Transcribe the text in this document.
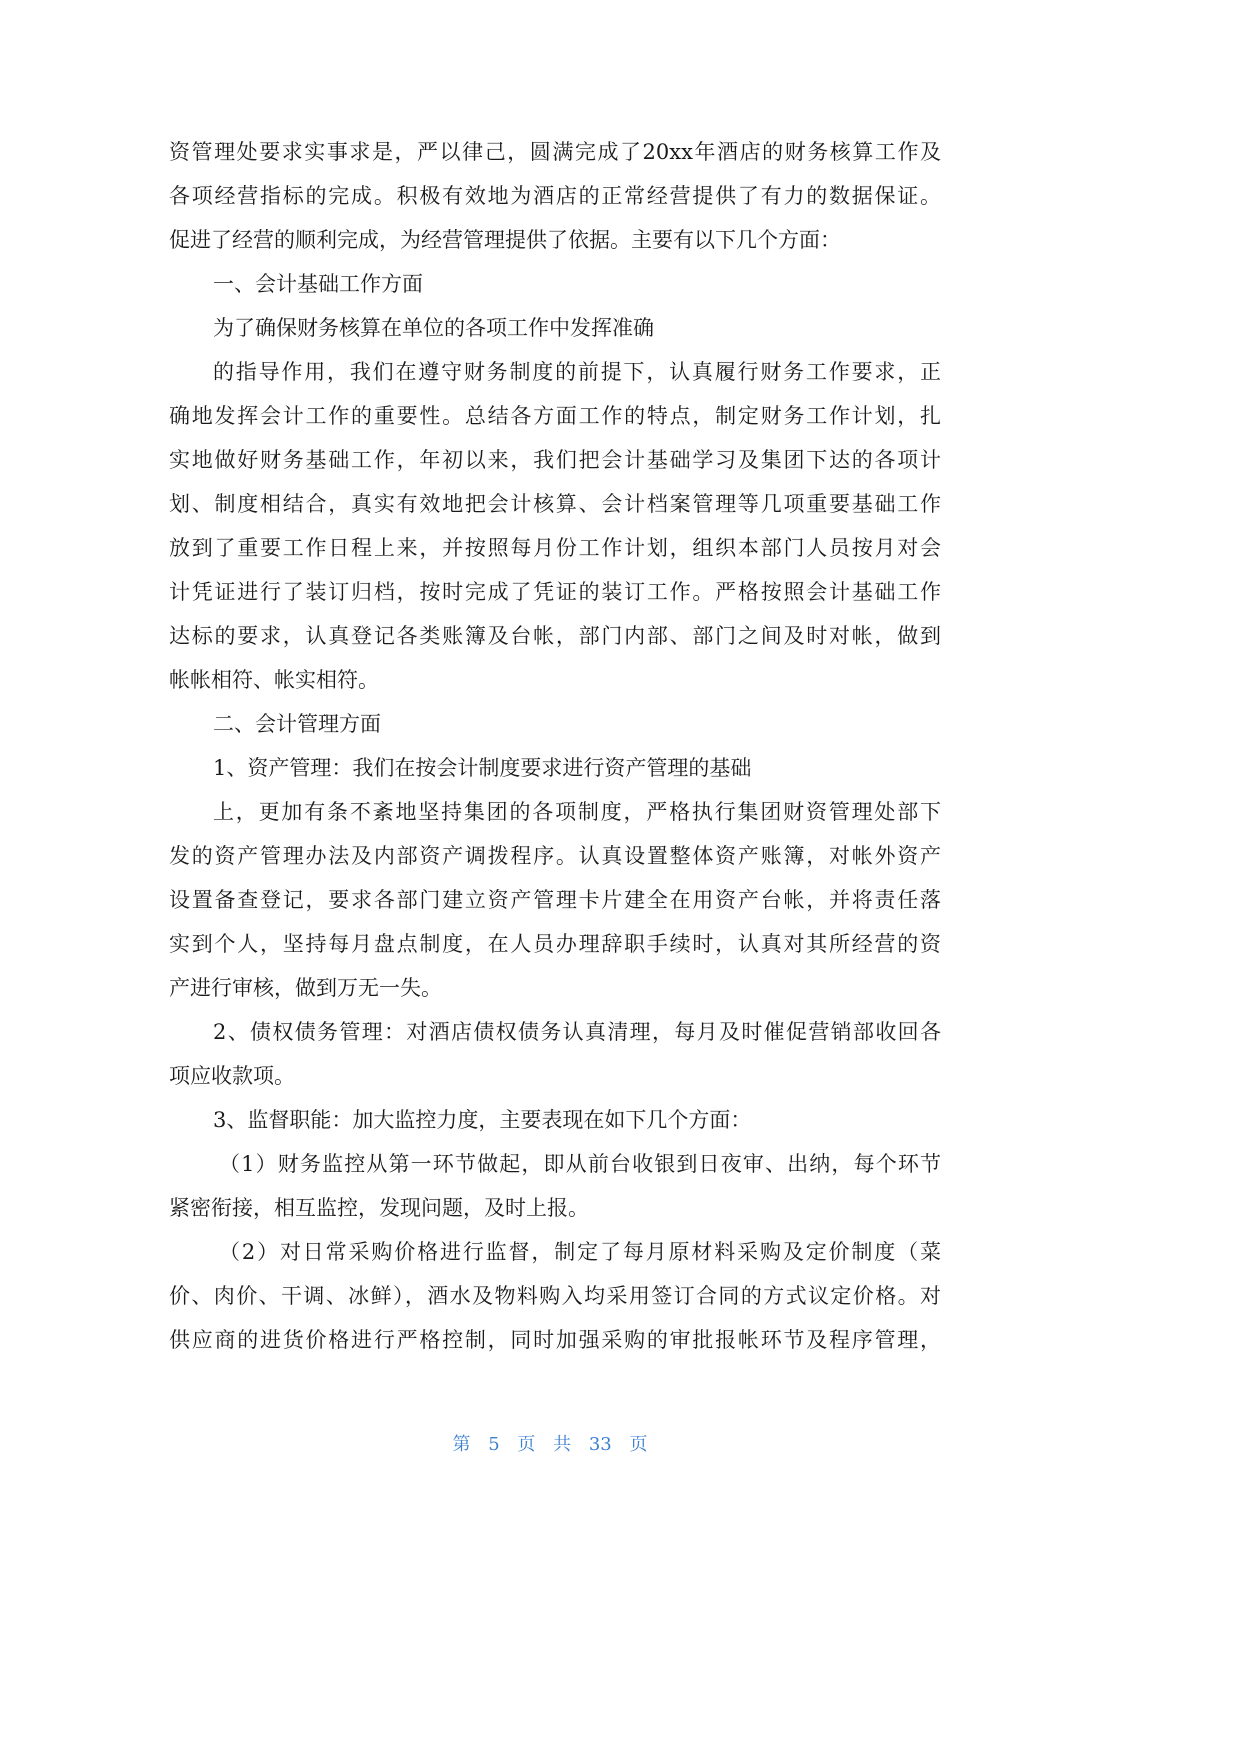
资管理处要求实事求是，严以律己，圆满完成了20xx年酒店的财务核算工作及
各项经营指标的完成。积极有效地为酒店的正常经营提供了有力的数据保证。
促进了经营的顺利完成，为经营管理提供了依据。主要有以下几个方面：
一、会计基础工作方面
为了确保财务核算在单位的各项工作中发挥准确
的指导作用，我们在遵守财务制度的前提下，认真履行财务工作要求，正
确地发挥会计工作的重要性。总结各方面工作的特点，制定财务工作计划，扎
实地做好财务基础工作，年初以来，我们把会计基础学习及集团下达的各项计
划、制度相结合，真实有效地把会计核算、会计档案管理等几项重要基础工作
放到了重要工作日程上来，并按照每月份工作计划，组织本部门人员按月对会
计凭证进行了装订归档，按时完成了凭证的装订工作。严格按照会计基础工作
达标的要求，认真登记各类账簿及台帐，部门内部、部门之间及时对帐，做到
帐帐相符、帐实相符。
二、会计管理方面
1、资产管理：我们在按会计制度要求进行资产管理的基础
上，更加有条不紊地坚持集团的各项制度，严格执行集团财资管理处部下
发的资产管理办法及内部资产调拨程序。认真设置整体资产账簿，对帐外资产
设置备查登记，要求各部门建立资产管理卡片建全在用资产台帐，并将责任落
实到个人，坚持每月盘点制度，在人员办理辞职手续时，认真对其所经营的资
产进行审核，做到万无一失。
2、债权债务管理：对酒店债权债务认真清理，每月及时催促营销部收回各
项应收款项。
3、监督职能：加大监控力度，主要表现在如下几个方面：
（1）财务监控从第一环节做起，即从前台收银到日夜审、出纳，每个环节
紧密衔接，相互监控，发现问题，及时上报。
（2）对日常采购价格进行监督，制定了每月原材料采购及定价制度（菜
价、肉价、干调、冰鲜），酒水及物料购入均采用签订合同的方式议定价格。对
供应商的进货价格进行严格控制，同时加强采购的审批报帐环节及程序管理，
第 5 页 共 33 页
